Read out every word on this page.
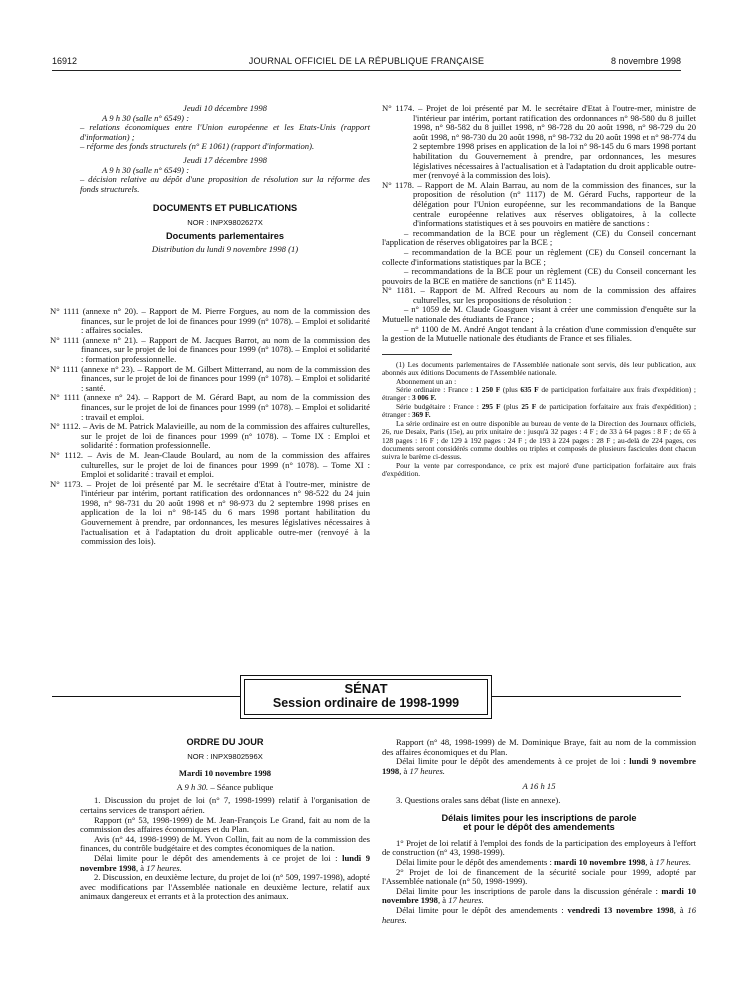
16912	JOURNAL OFFICIEL DE LA RÉPUBLIQUE FRANÇAISE	8 novembre 1998

Jeudi 10 décembre 1998

A 9 h 30 (salle n° 6549) :

– relations économiques entre l'Union européenne et les Etats-Unis (rapport d'information) ;

– réforme des fonds structurels (n° E 1061) (rapport d'information).

Jeudi 17 décembre 1998

A 9 h 30 (salle n° 6549) :

– décision relative au dépôt d'une proposition de résolution sur la réforme des fonds structurels.

DOCUMENTS ET PUBLICATIONS

NOR : INPX9802627X

Documents parlementaires

Distribution du lundi 9 novembre 1998 (1)

N° 1111 (annexe n° 20). – Rapport de M. Pierre Forgues, au nom de la commission des finances, sur le projet de loi de finances pour 1999 (n° 1078). – Emploi et solidarité : affaires sociales.

N° 1111 (annexe n° 21). – Rapport de M. Jacques Barrot, au nom de la commission des finances, sur le projet de loi de finances pour 1999 (n° 1078). – Emploi et solidarité : formation professionnelle.

N° 1111 (annexe n° 23). – Rapport de M. Gilbert Mitterrand, au nom de la commission des finances, sur le projet de loi de finances pour 1999 (n° 1078). – Emploi et solidarité : santé.

N° 1111 (annexe n° 24). – Rapport de M. Gérard Bapt, au nom de la commission des finances, sur le projet de loi de finances pour 1999 (n° 1078). – Emploi et solidarité : travail et emploi.

N° 1112. – Avis de M. Patrick Malavieille, au nom de la commission des affaires culturelles, sur le projet de loi de finances pour 1999 (n° 1078). – Tome IX : Emploi et solidarité : formation professionnelle.

N° 1112. – Avis de M. Jean-Claude Boulard, au nom de la commission des affaires culturelles, sur le projet de loi de finances pour 1999 (n° 1078). – Tome XI : Emploi et solidarité : travail et emploi.

N° 1173. – Projet de loi présenté par M. le secrétaire d'Etat à l'outre-mer, ministre de l'intérieur par intérim, portant ratification des ordonnances n° 98-522 du 24 juin 1998, n° 98-731 du 20 août 1998 et n° 98-973 du 2 septembre 1998 prises en application de la loi n° 98-145 du 6 mars 1998 portant habilitation du Gouvernement à prendre, par ordonnances, les mesures législatives nécessaires à l'actualisation et à l'adaptation du droit applicable outre-mer (renvoyé à la commission des lois).

N° 1174. – Projet de loi présenté par M. le secrétaire d'Etat à l'outre-mer, ministre de l'intérieur par intérim, portant ratification des ordonnances n° 98-580 du 8 juillet 1998, n° 98-582 du 8 juillet 1998, n° 98-728 du 20 août 1998, n° 98-729 du 20 août 1998, n° 98-730 du 20 août 1998, n° 98-732 du 20 août 1998 et n° 98-774 du 2 septembre 1998 prises en application de la loi n° 98-145 du 6 mars 1998 portant habilitation du Gouvernement à prendre, par ordonnances, les mesures législatives nécessaires à l'actualisation et à l'adaptation du droit applicable outre-mer (renvoyé à la commission des lois).

N° 1178. – Rapport de M. Alain Barrau, au nom de la commission des finances, sur la proposition de résolution (n° 1117) de M. Gérard Fuchs, rapporteur de la délégation pour l'Union européenne, sur les recommandations de la Banque centrale européenne relatives aux réserves obligatoires, à la collecte d'informations statistiques et à ses pouvoirs en matière de sanctions :

– recommandation de la BCE pour un règlement (CE) du Conseil concernant l'application de réserves obligatoires par la BCE ;

– recommandation de la BCE pour un règlement (CE) du Conseil concernant la collecte d'informations statistiques par la BCE ;

– recommandations de la BCE pour un règlement (CE) du Conseil concernant les pouvoirs de la BCE en matière de sanctions (n° E 1145).

N° 1181. – Rapport de M. Alfred Recours au nom de la commission des affaires culturelles, sur les propositions de résolution :

– n° 1059 de M. Claude Goasguen visant à créer une commission d'enquête sur la Mutuelle nationale des étudiants de France ;

– n° 1100 de M. André Angot tendant à la création d'une commission d'enquête sur la gestion de la Mutuelle nationale des étudiants de France et ses filiales.

(1) Les documents parlementaires de l'Assemblée nationale sont servis, dès leur publication, aux abonnés aux éditions Documents de l'Assemblée nationale.

Abonnement un an :

Série ordinaire : France : 1 250 F (plus 635 F de participation forfaitaire aux frais d'expédition) ; étranger : 3 006 F.

Série budgétaire : France : 295 F (plus 25 F de participation forfaitaire aux frais d'expédition) ; étranger : 369 F.

La série ordinaire est en outre disponible au bureau de vente de la Direction des Journaux officiels, 26, rue Desaix, Paris (15e), au prix unitaire de : jusqu'à 32 pages : 4 F ; de 33 à 64 pages : 8 F ; de 65 à 128 pages : 16 F ; de 129 à 192 pages : 24 F ; de 193 à 224 pages : 28 F ; au-delà de 224 pages, ces documents seront considérés comme doubles ou triples et composés de plusieurs fascicules dont chacun suivra le barème ci-dessus.

Pour la vente par correspondance, ce prix est majoré d'une participation forfaitaire aux frais d'expédition.

SÉNAT
Session ordinaire de 1998-1999

ORDRE DU JOUR

NOR : INPX9802596X

Mardi 10 novembre 1998

A 9 h 30. – Séance publique

1. Discussion du projet de loi (n° 7, 1998-1999) relatif à l'organisation de certains services de transport aérien.

Rapport (n° 53, 1998-1999) de M. Jean-François Le Grand, fait au nom de la commission des affaires économiques et du Plan.

Avis (n° 44, 1998-1999) de M. Yvon Collin, fait au nom de la commission des finances, du contrôle budgétaire et des comptes économiques de la nation.

Délai limite pour le dépôt des amendements à ce projet de loi : lundi 9 novembre 1998, à 17 heures.

2. Discussion, en deuxième lecture, du projet de loi (n° 509, 1997-1998), adopté avec modifications par l'Assemblée nationale en deuxième lecture, relatif aux animaux dangereux et errants et à la protection des animaux.

Rapport (n° 48, 1998-1999) de M. Dominique Braye, fait au nom de la commission des affaires économiques et du Plan.

Délai limite pour le dépôt des amendements à ce projet de loi : lundi 9 novembre 1998, à 17 heures.

A 16 h 15

3. Questions orales sans débat (liste en annexe).

Délais limites pour les inscriptions de parole

et pour le dépôt des amendements

1° Projet de loi relatif à l'emploi des fonds de la participation des employeurs à l'effort de construction (n° 43, 1998-1999).

Délai limite pour le dépôt des amendements : mardi 10 novembre 1998, à 17 heures.

2° Projet de loi de financement de la sécurité sociale pour 1999, adopté par l'Assemblée nationale (n° 50, 1998-1999).

Délai limite pour les inscriptions de parole dans la discussion générale : mardi 10 novembre 1998, à 17 heures.

Délai limite pour le dépôt des amendements : vendredi 13 novembre 1998, à 16 heures.
